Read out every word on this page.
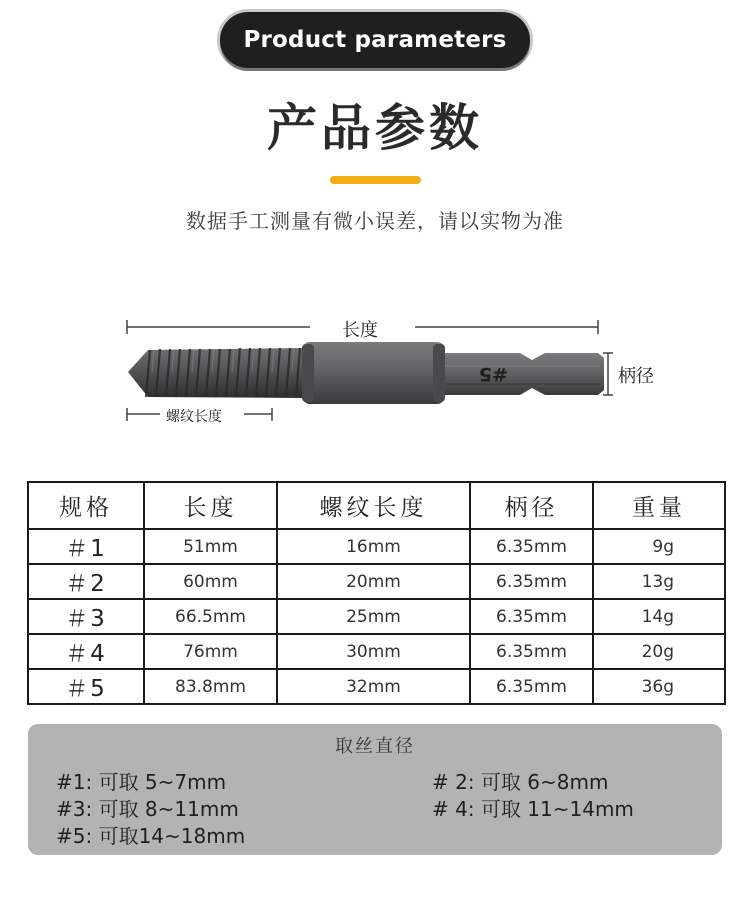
Product parameters
产品参数
数据手工测量有微小误差，请以实物为准
#5
长度
柄径
螺纹长度
规格	长度	螺纹长度	柄径	重量
＃1	51mm	16mm	6.35mm	9g
＃2	60mm	20mm	6.35mm	13g
＃3	66.5mm	25mm	6.35mm	14g
＃4	76mm	30mm	6.35mm	20g
＃5	83.8mm	32mm	6.35mm	36g
取丝直径
#1: 可取 5~7mm	# 2: 可取 6~8mm
#3: 可取 8~11mm	# 4: 可取 11~14mm
#5: 可取14~18mm
